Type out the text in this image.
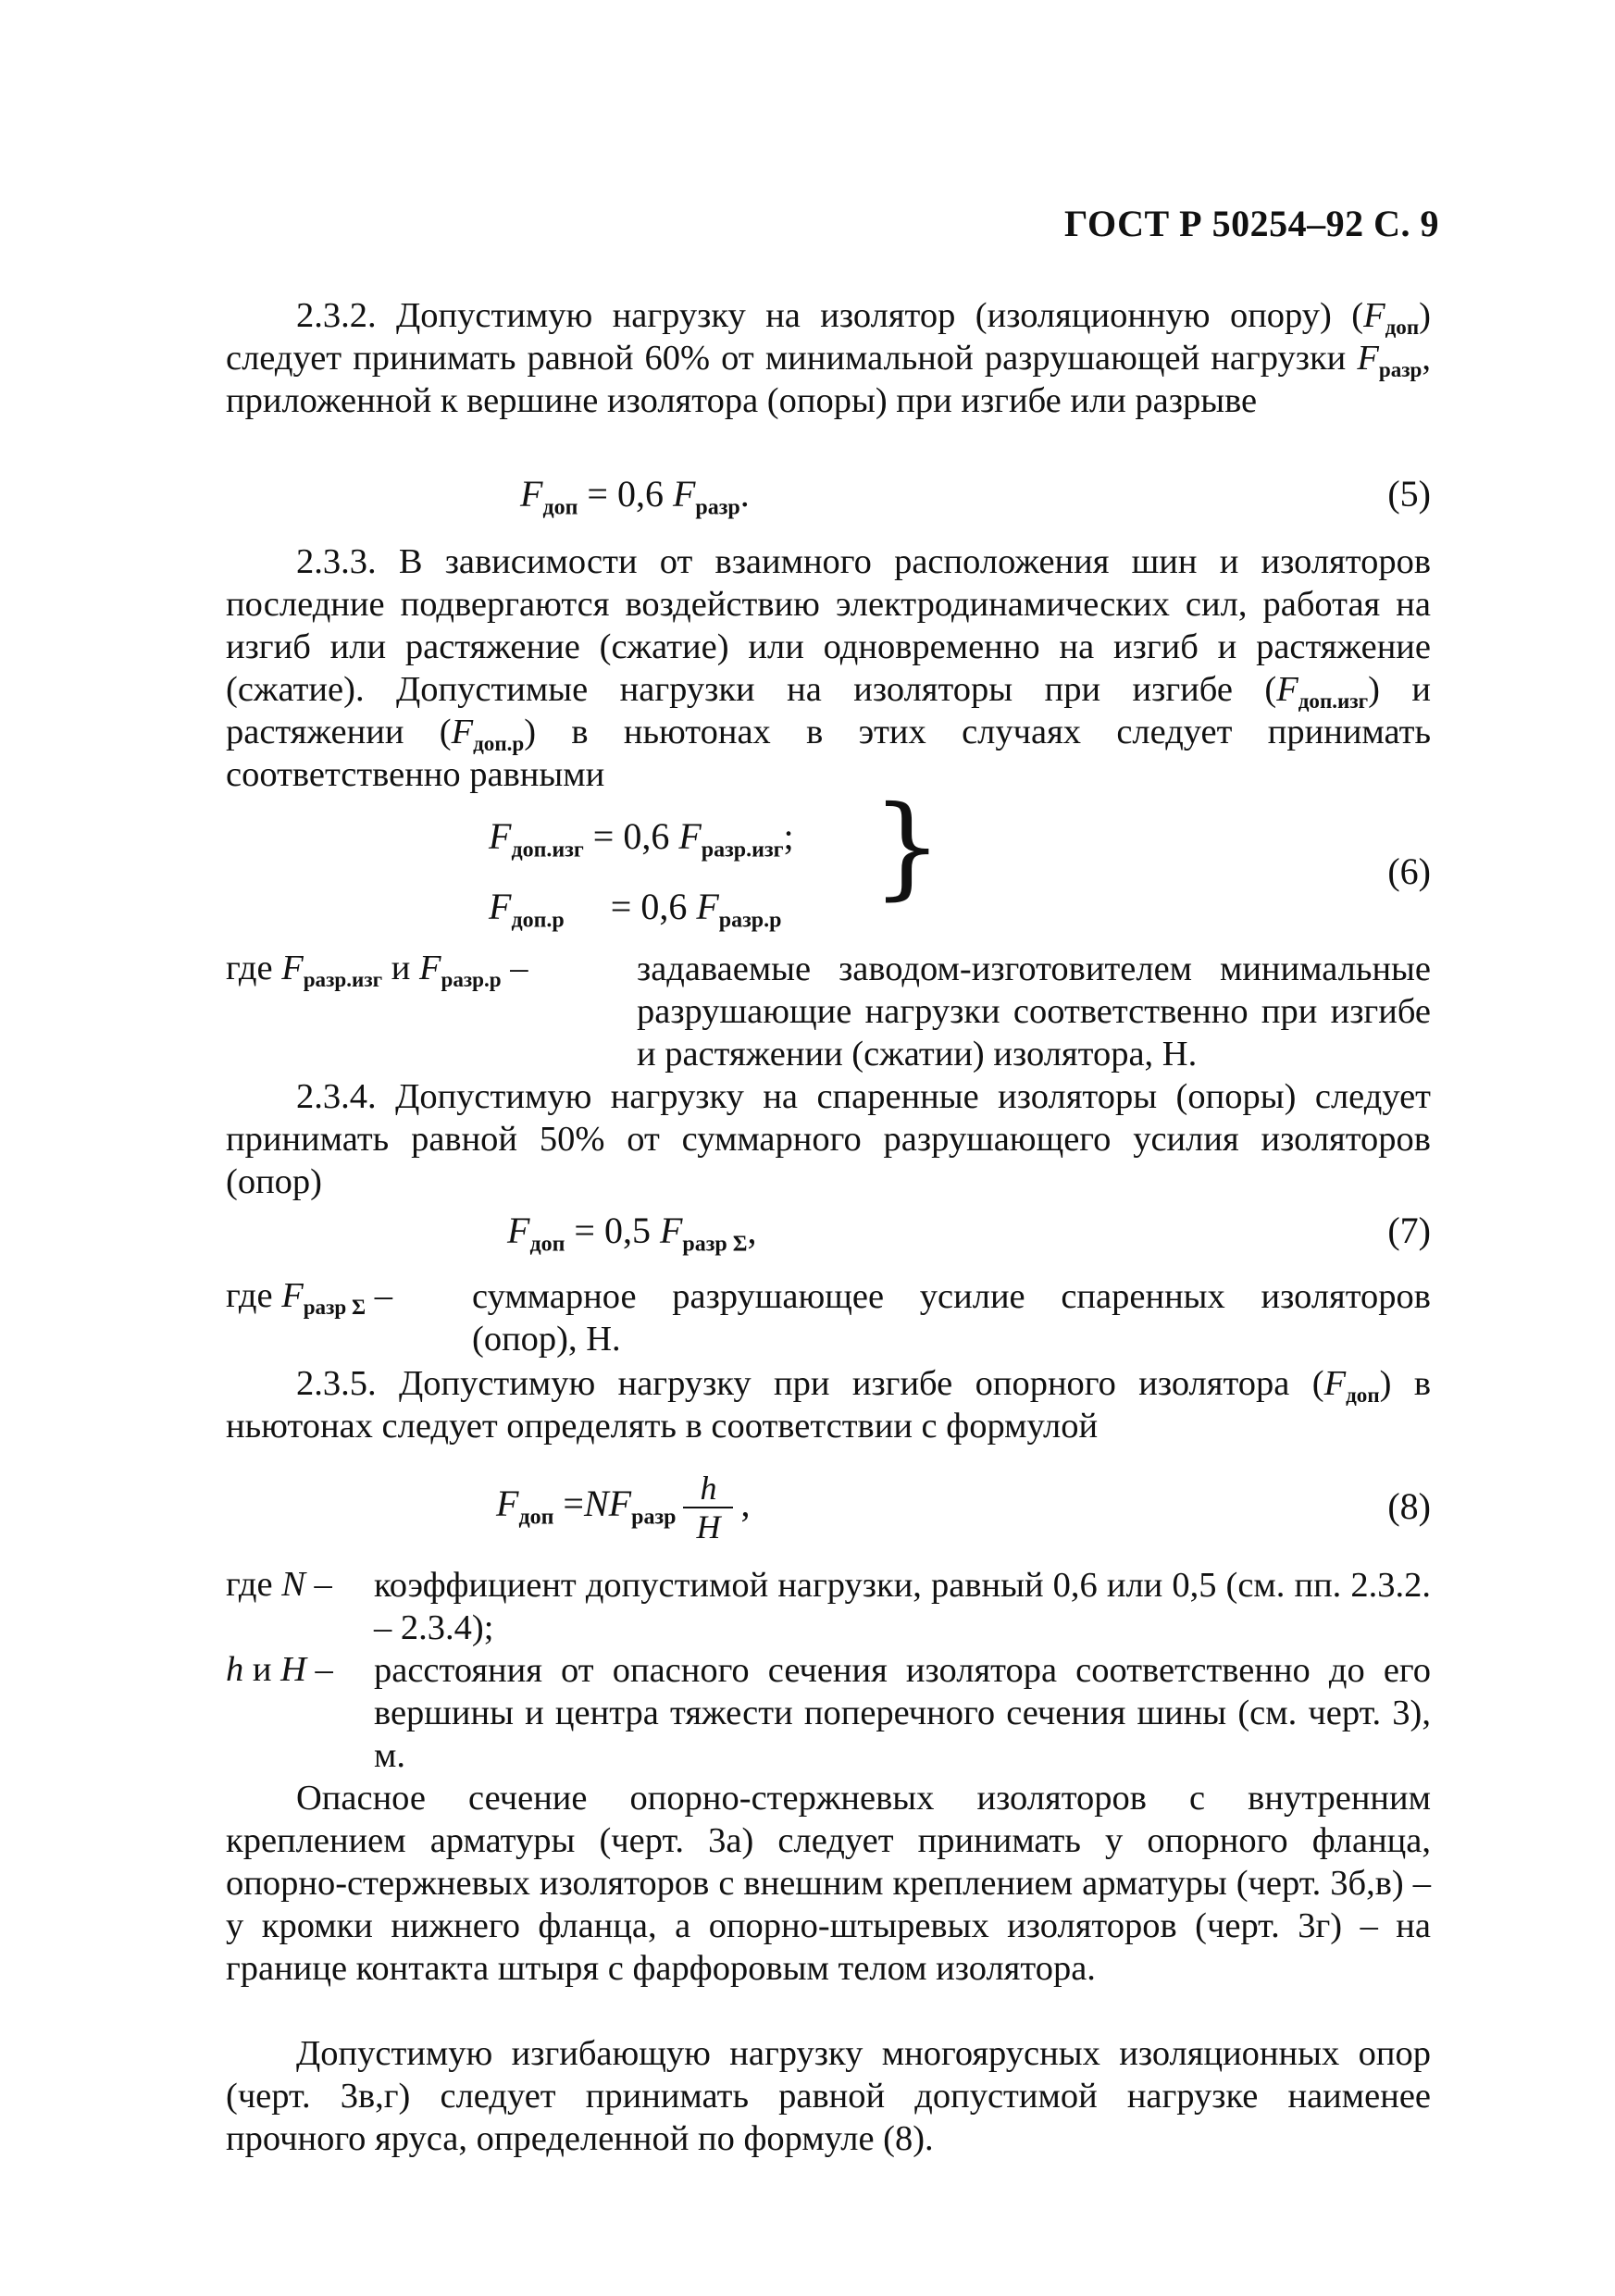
ГОСТ Р 50254–92 С. 9
2.3.2. Допустимую нагрузку на изолятор (изоляционную опору) $(F_{доп})$ следует принимать равной 60% от минимальной разрушающей нагрузки $F_{разр}$, приложенной к вершине изолятора (опоры) при изгибе или разрыве
$F_{доп} = 0,6$ $F_{разр}$.	(5)
2.3.3. В зависимости от взаимного расположения шин и изоляторов последние подвергаются воздействию электродинамических сил, работая на изгиб или растяжение (сжатие) или одновременно на изгиб и растяжение (сжатие). Допустимые нагрузки на изоляторы при изгибе $(F_{доп.изг})$ и растяжении $(F_{доп.р})$ в ньютонах в этих случаях следует принимать соответственно равными
$F_{доп.изг} = 0,6$ $F_{разр.изг}$;
$F_{доп.р} = 0,6$ $F_{разр.р}$
}	(6)
где $F_{разр.изг}$ и $F_{разр.р}$ –	задаваемые заводом-изготовителем минимальные разрушающие нагрузки соответственно при изгибе и растяжении (сжатии) изолятора, Н.
2.3.4. Допустимую нагрузку на спаренные изоляторы (опоры) следует принимать равной 50% от суммарного разрушающего усилия изоляторов (опор)
$F_{доп} = 0,5$ $F_{разр \Sigma}$,	(7)
где $F_{разр \Sigma}$ – суммарное разрушающее усилие спаренных изоляторов (опор), Н.
2.3.5. Допустимую нагрузку при изгибе опорного изолятора $(F_{доп})$ в ньютонах следует определять в соответствии с формулой
$F_{доп} =NF_{разр} \frac{h}{H}$ ,	(8)
где N – коэффициент допустимой нагрузки, равный 0,6 или 0,5 (см. пп. 2.3.2. – 2.3.4);
h и H – расстояния от опасного сечения изолятора соответственно до его вершины и центра тяжести поперечного сечения шины (см. черт. 3), м.
Опасное сечение опорно-стержневых изоляторов с внутренним креплением арматуры (черт. 3а) следует принимать у опорного фланца, опорно-стержневых изоляторов с внешним креплением арматуры (черт. 3б,в) – у кромки нижнего фланца, а опорно-штыревых изоляторов (черт. 3г) – на границе контакта штыря с фарфоровым телом изолятора.
Допустимую изгибающую нагрузку многоярусных изоляционных опор (черт. 3в,г) следует принимать равной допустимой нагрузке наименее прочного яруса, определенной по формуле (8).
